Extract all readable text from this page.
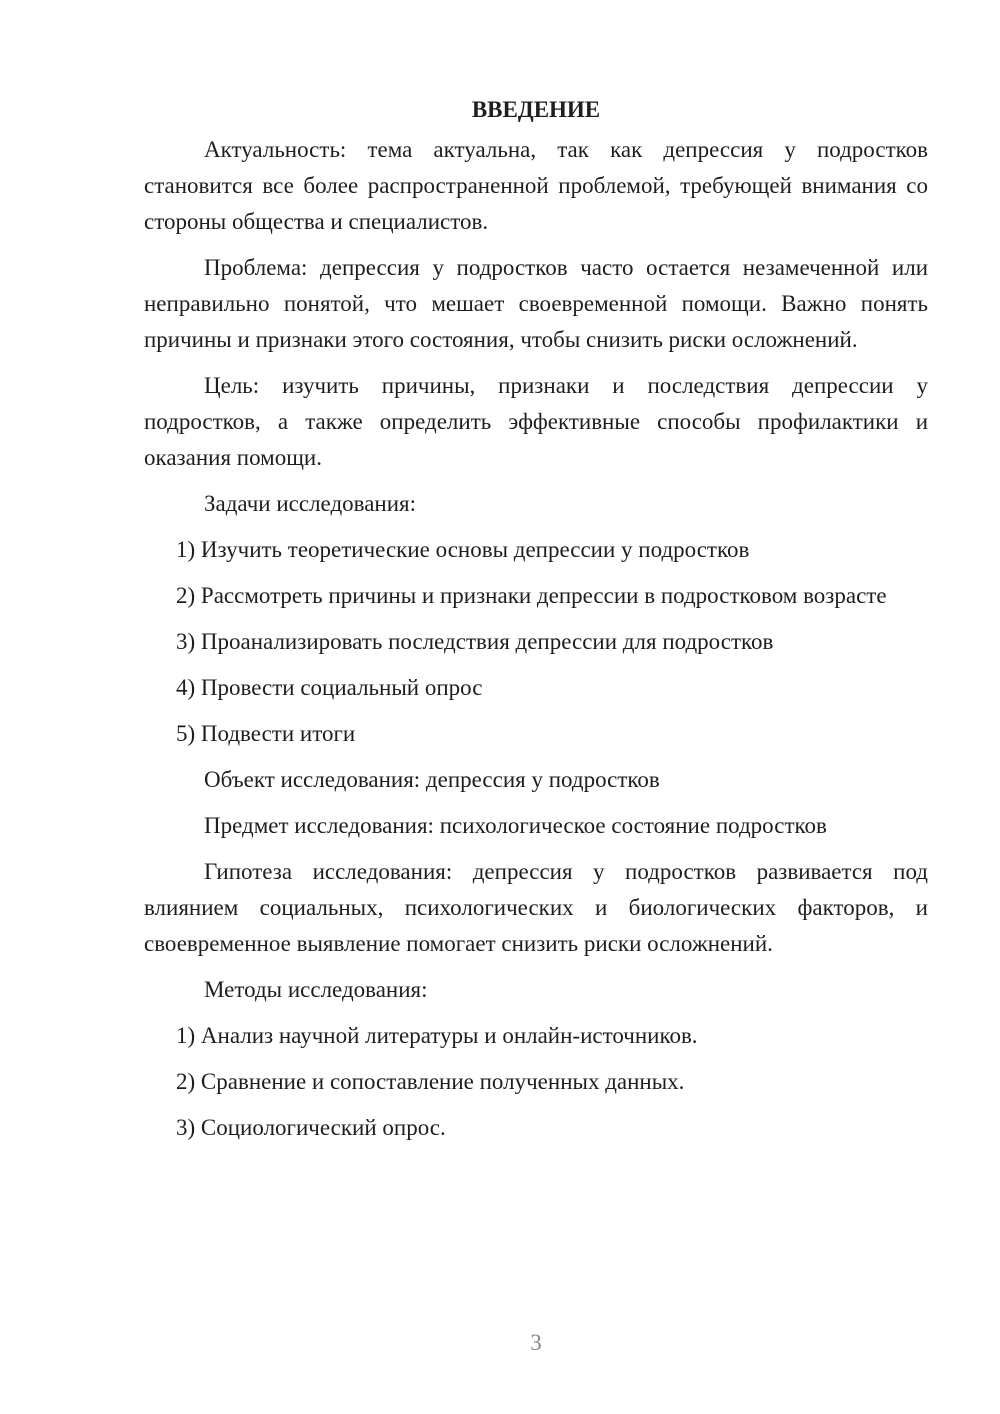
ВВЕДЕНИЕ

Актуальность: тема актуальна, так как депрессия у подростков становится все более распространенной проблемой, требующей внимания со стороны общества и специалистов.

Проблема: депрессия у подростков часто остается незамеченной или неправильно понятой, что мешает своевременной помощи. Важно понять причины и признаки этого состояния, чтобы снизить риски осложнений.

Цель: изучить причины, признаки и последствия депрессии у подростков, а также определить эффективные способы профилактики и оказания помощи.

Задачи исследования:

1) Изучить теоретические основы депрессии у подростков

2) Рассмотреть причины и признаки депрессии в подростковом возрасте

3) Проанализировать последствия депрессии для подростков

4) Провести социальный опрос

5) Подвести итоги

Объект исследования: депрессия у подростков

Предмет исследования: психологическое состояние подростков

Гипотеза исследования: депрессия у подростков развивается под влиянием социальных, психологических и биологических факторов, и своевременное выявление помогает снизить риски осложнений.

Методы исследования:

1) Анализ научной литературы и онлайн-источников.

2) Сравнение и сопоставление полученных данных.

3) Социологический опрос.

3
